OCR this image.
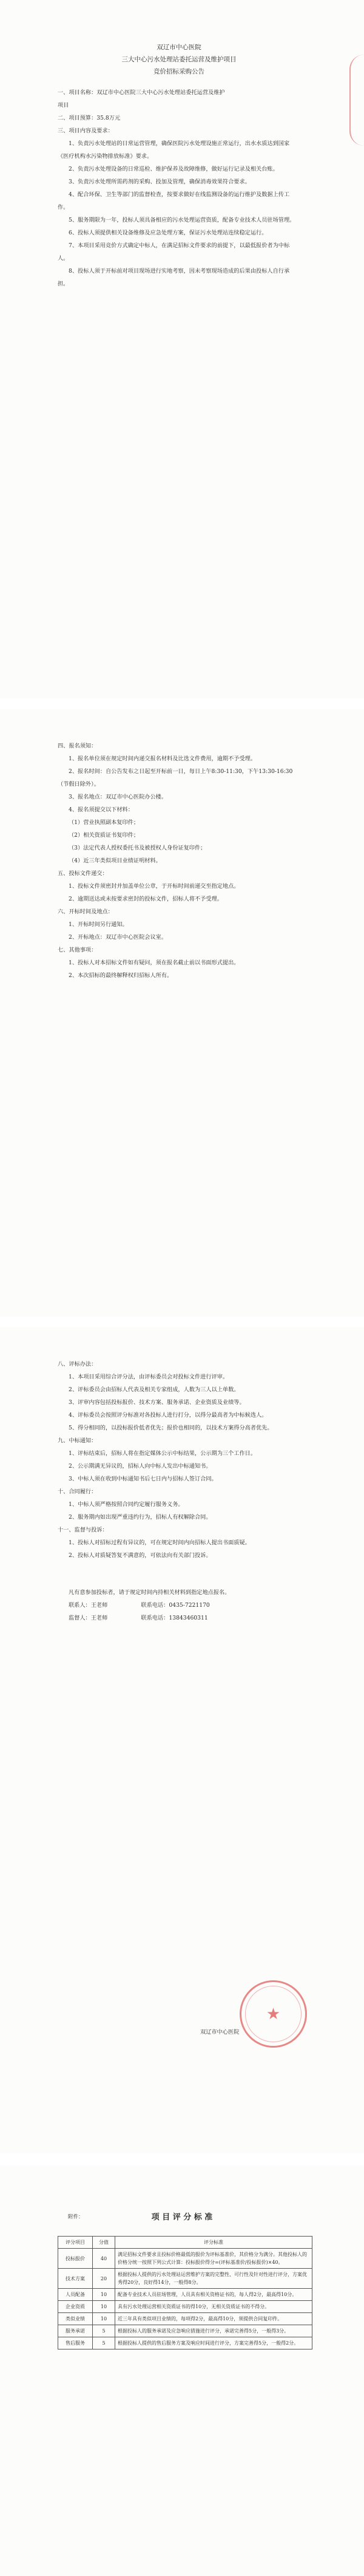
双辽市中心医院
三大中心污水处理站委托运营及维护项目
竞价招标采购公告

一、项目名称：双辽市中心医院三大中心污水处理站委托运营及维护

项目

二、项目预算：35.8万元

三、项目内容及要求：

1、负责污水处理站的日常运营管理，确保医院污水处理设施正常运行，出水水质达到国家《医疗机构水污染物排放标准》要求。

2、负责污水处理设备的日常巡检、维护保养及故障维修，做好运行记录及相关台账。

3、负责污水处理所需药剂的采购、投加及管理，确保消毒效果符合要求。

4、配合环保、卫生等部门的监督检查，按要求做好在线监测设备的运行维护及数据上传工作。

5、服务期限为一年，投标人须具备相应的污水处理运营资质，配备专业技术人员驻场管理。

6、投标人须提供相关设备维修及应急处理方案，保证污水处理站连续稳定运行。

7、本项目采用竞价方式确定中标人，在满足招标文件要求的前提下，以最低报价者为中标人。

8、投标人须于开标前对项目现场进行实地考察，因未考察现场造成的后果由投标人自行承担。

四、报名须知：

1、报名单位须在规定时间内递交报名材料及比选文件费用，逾期不予受理。

2、报名时间：自公告发布之日起至开标前一日，每日上午8:30-11:30，下午13:30-16:30（节假日除外）。

3、报名地点：双辽市中心医院办公楼。

4、报名须提交以下材料：

（1）营业执照副本复印件；

（2）相关资质证书复印件；

（3）法定代表人授权委托书及被授权人身份证复印件；

（4）近三年类似项目业绩证明材料。

五、投标文件递交：

1、投标文件须密封并加盖单位公章，于开标时间前递交至指定地点。

2、逾期送达或未按要求密封的投标文件，招标人将不予受理。

六、开标时间及地点：

1、开标时间另行通知。

2、开标地点：双辽市中心医院会议室。

七、其他事项：

1、投标人对本招标文件如有疑问，须在报名截止前以书面形式提出。

2、本次招标的最终解释权归招标人所有。

八、评标办法：

1、本项目采用综合评分法，由评标委员会对投标文件进行评审。

2、评标委员会由招标人代表及相关专家组成，人数为三人以上单数。

3、评审内容包括投标报价、技术方案、服务承诺、企业资质及业绩等。

4、评标委员会按照评分标准对各投标人进行打分，以得分最高者为中标候选人。

5、得分相同的，以投标报价低者优先；报价也相同的，以技术方案得分高者优先。

九、中标通知：

1、评标结束后，招标人将在指定媒体公示中标结果，公示期为三个工作日。

2、公示期满无异议的，招标人向中标人发出中标通知书。

3、中标人须在收到中标通知书后七日内与招标人签订合同。

十、合同履行：

1、中标人须严格按照合同约定履行服务义务。

2、服务期内如出现严重违约行为，招标人有权解除合同。

十一、监督与投诉：

1、投标人对招标过程有异议的，可在规定时间内向招标人提出书面质疑。

2、投标人对质疑答复不满意的，可依法向有关部门投诉。

凡有意参加投标者，请于规定时间内持相关材料到指定地点报名。

联系人：王老师　　　　　　联系电话：0435-7221170

监督人：王老师　　　　　　联系电话：13843460311

双辽市中心医院
★
附件：	项 目 评 分 标 准
评分项目	分值	评分标准
投标报价	40	满足招标文件要求且投标价格最低的报价为评标基准价，其价格分为满分。其他投标人的价格分统一按照下列公式计算：投标报价得分=(评标基准价/投标报价)×40。
技术方案	20	根据投标人提供的污水处理站运营维护方案的完整性、可行性及针对性进行评分，方案优秀得20分，良好得14分，一般得8分。
人员配备	10	配备专业技术人员驻场管理，人员具有相关资格证书的，每人得2分，最高得10分。
企业资质	10	具有污水处理运营相关资质证书的得10分，无相关资质证书的不得分。
类似业绩	10	近三年具有类似项目业绩的，每项得2分，最高得10分，须提供合同复印件。
服务承诺	5	根据投标人的服务承诺及应急响应措施进行评分，承诺完善得5分，一般得3分。
售后服务	5	根据投标人提供的售后服务方案及响应时间进行评分，方案完善得5分，一般得2分。
